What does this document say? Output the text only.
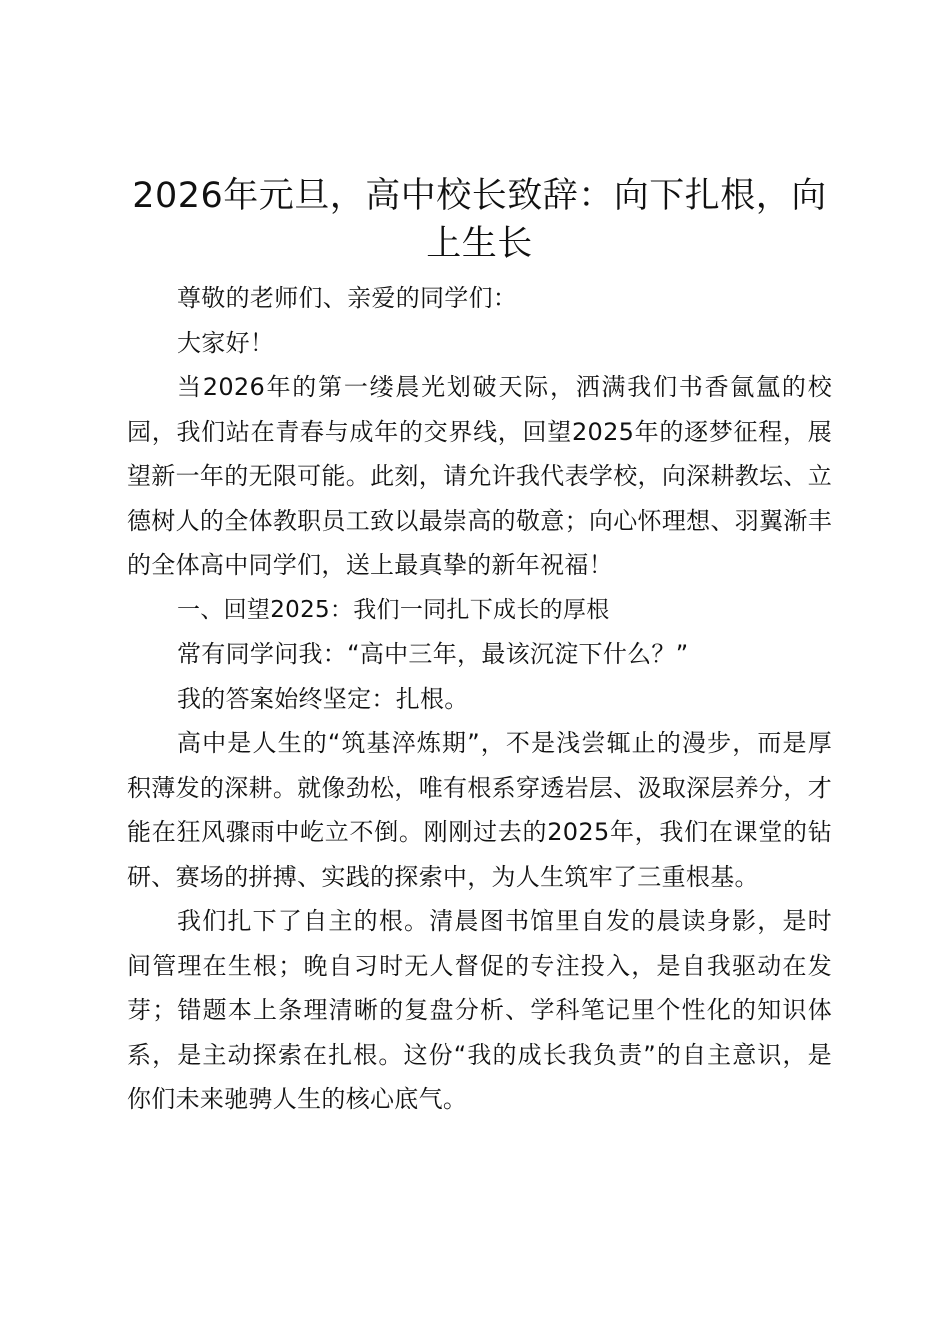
2026年元旦，高中校长致辞：向下扎根，向上生长

尊敬的老师们、亲爱的同学们：

大家好！

当2026年的第一缕晨光划破天际，洒满我们书香氤氲的校园，我们站在青春与成年的交界线，回望2025年的逐梦征程，展望新一年的无限可能。此刻，请允许我代表学校，向深耕教坛、立德树人的全体教职员工致以最崇高的敬意；向心怀理想、羽翼渐丰的全体高中同学们，送上最真挚的新年祝福！

一、回望2025：我们一同扎下成长的厚根

常有同学问我：“高中三年，最该沉淀下什么？”

我的答案始终坚定：扎根。

高中是人生的“筑基淬炼期”，不是浅尝辄止的漫步，而是厚积薄发的深耕。就像劲松，唯有根系穿透岩层、汲取深层养分，才能在狂风骤雨中屹立不倒。刚刚过去的2025年，我们在课堂的钻研、赛场的拼搏、实践的探索中，为人生筑牢了三重根基。

我们扎下了自主的根。清晨图书馆里自发的晨读身影，是时间管理在生根；晚自习时无人督促的专注投入，是自我驱动在发芽；错题本上条理清晰的复盘分析、学科笔记里个性化的知识体系，是主动探索在扎根。这份“我的成长我负责”的自主意识，是你们未来驰骋人生的核心底气。
